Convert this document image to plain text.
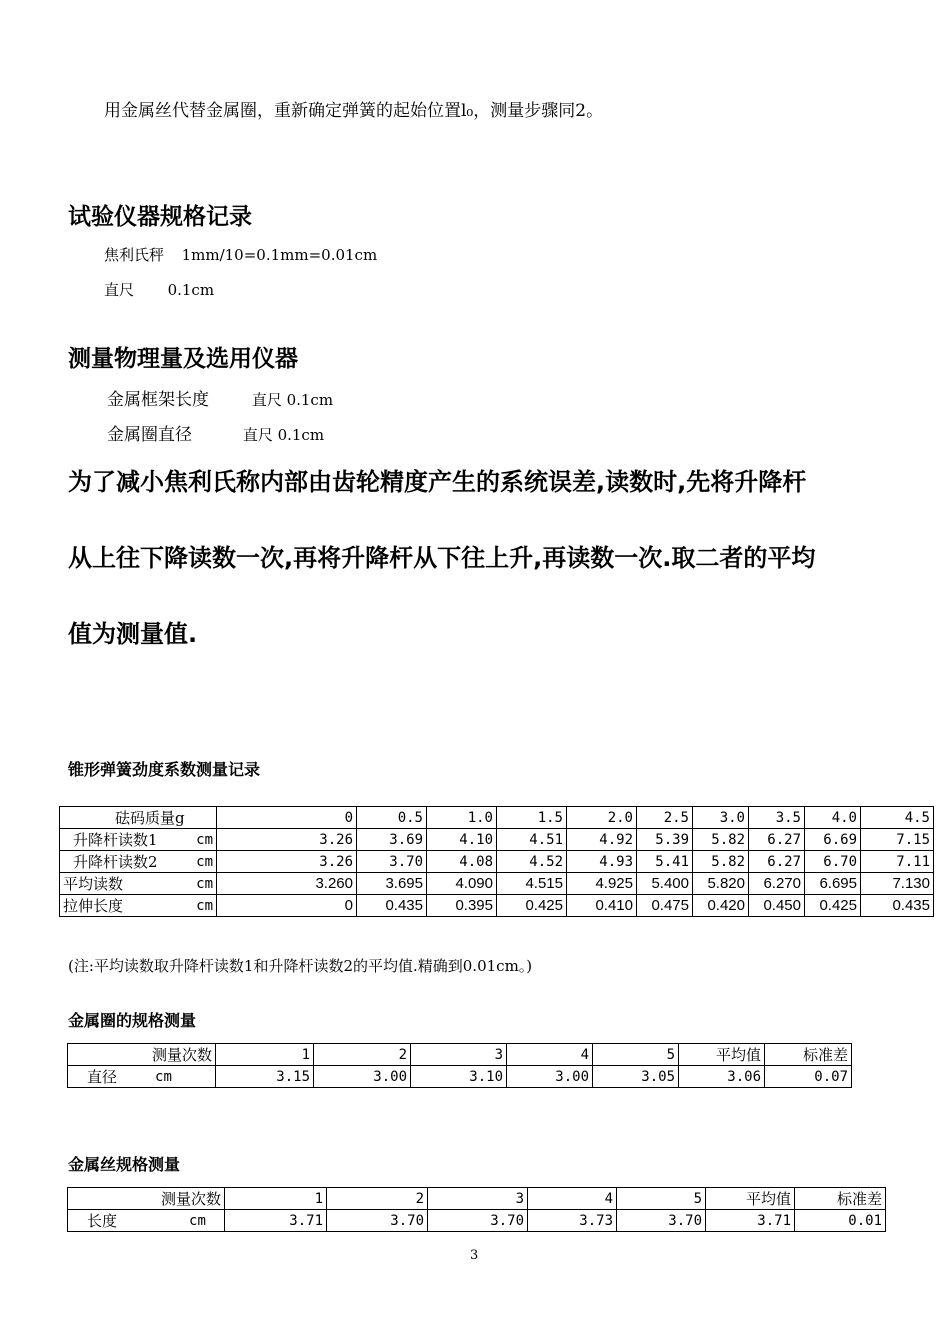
用金属丝代替金属圈，重新确定弹簧的起始位置l₀，测量步骤同2。
试验仪器规格记录
焦利氏秤 1mm/10=0.1mm=0.01cm
直尺 0.1cm
测量物理量及选用仪器
金属框架长度	直尺 0.1cm
金属圈直径	直尺 0.1cm
为了减小焦利氏称内部由齿轮精度产生的系统误差,读数时,先将升降杆
从上往下降读数一次,再将升降杆从下往上升,再读数一次.取二者的平均
值为测量值.
锥形弹簧劲度系数测量记录
砝码质量g	0	0.5	1.0	1.5	2.0	2.5	3.0	3.5	4.0	4.5	

升降杆读数1 cm	3.26	3.69	4.10	4.51	4.92	5.39	5.82	6.27	6.69	7.15	

升降杆读数2 cm	3.26	3.70	4.08	4.52	4.93	5.41	5.82	6.27	6.70	7.11	

平均读数 cm	3.260	3.695	4.090	4.515	4.925	5.400	5.820	6.270	6.695	7.130	

拉伸长度 cm	0	0.435	0.395	0.425	0.410	0.475	0.420	0.450	0.425	0.435	
(注:平均读数取升降杆读数1和升降杆读数2的平均值.精确到0.01cm。)
金属圈的规格测量
测量次数	1	2	3	4	5	平均值	标准差

直径 cm	3.15	3.00	3.10	3.00	3.05	3.06	0.07
金属丝规格测量
测量次数	1	2	3	4	5	平均值	标准差

长度 cm	3.71	3.70	3.70	3.73	3.70	3.71	0.01
3
